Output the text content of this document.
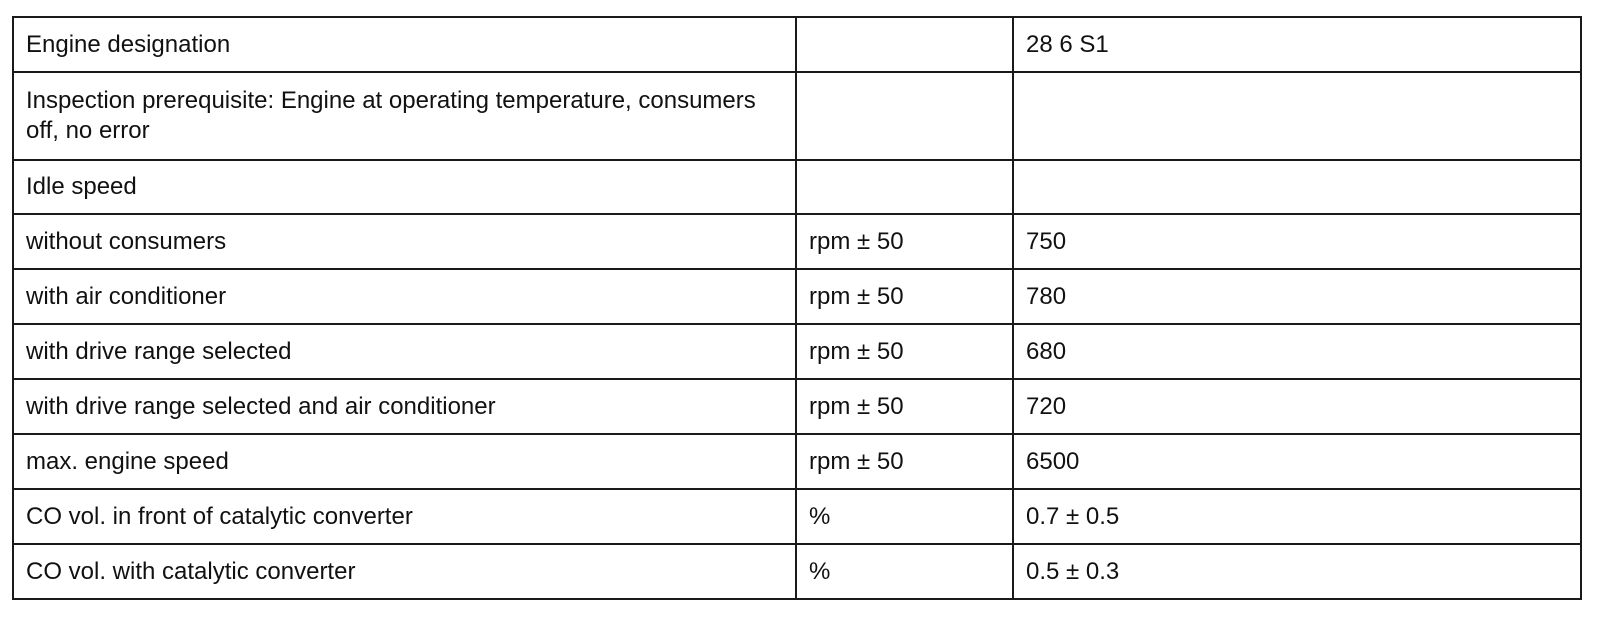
Engine designation		28 6 S1
Inspection prerequisite: Engine at operating temperature, consumers off, no error		
Idle speed		
without consumers	rpm ± 50	750
with air conditioner	rpm ± 50	780
with drive range selected	rpm ± 50	680
with drive range selected and air conditioner	rpm ± 50	720
max. engine speed	rpm ± 50	6500
CO vol. in front of catalytic converter	%	0.7 ± 0.5
CO vol. with catalytic converter	%	0.5 ± 0.3
